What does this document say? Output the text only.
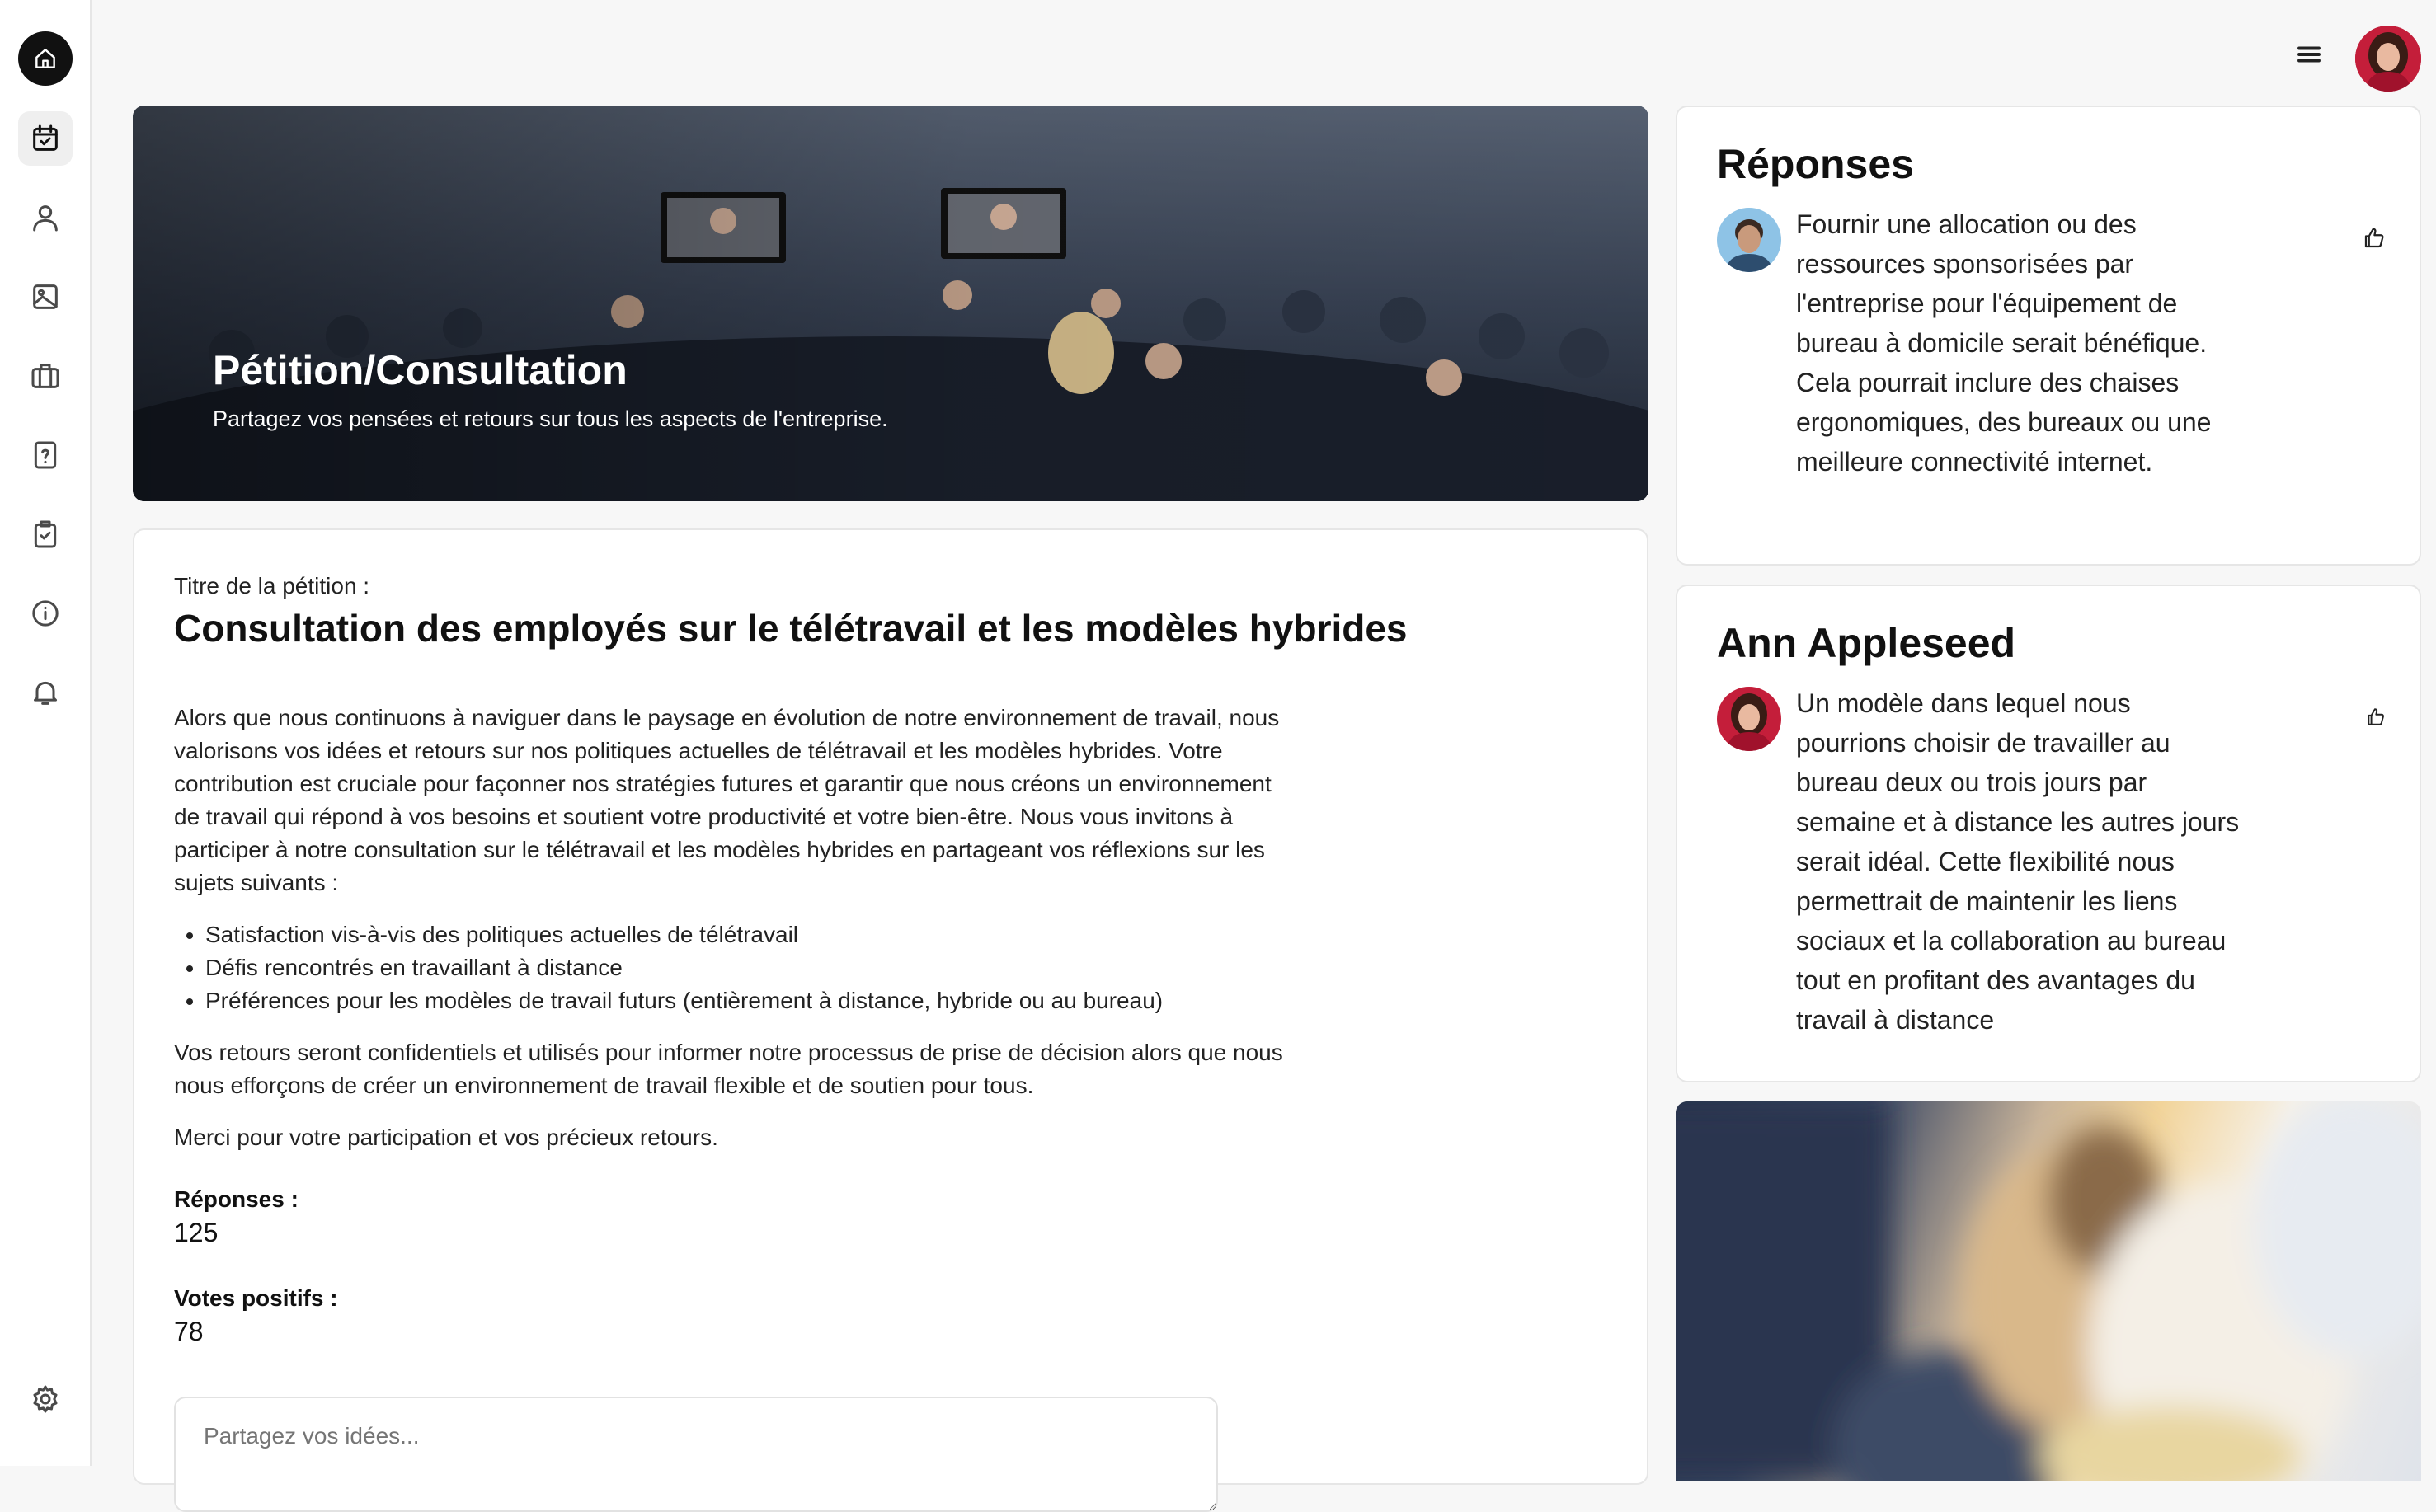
Pétition/Consultation
Partagez vos pensées et retours sur tous les aspects de l'entreprise.
Titre de la pétition :
Consultation des employés sur le télétravail et les modèles hybrides

Alors que nous continuons à naviguer dans le paysage en évolution de notre environnement de travail, nous valorisons vos idées et retours sur nos politiques actuelles de télétravail et les modèles hybrides. Votre contribution est cruciale pour façonner nos stratégies futures et garantir que nous créons un environnement de travail qui répond à vos besoins et soutient votre productivité et votre bien-être. Nous vous invitons à participer à notre consultation sur le télétravail et les modèles hybrides en partageant vos réflexions sur les sujets suivants :

• Satisfaction vis-à-vis des politiques actuelles de télétravail
• Défis rencontrés en travaillant à distance
• Préférences pour les modèles de travail futurs (entièrement à distance, hybride ou au bureau)

Vos retours seront confidentiels et utilisés pour informer notre processus de prise de décision alors que nous nous efforçons de créer un environnement de travail flexible et de soutien pour tous.

Merci pour votre participation et vos précieux retours.

Réponses :
125
Votes positifs :
78
Partagez vos idées...
Réponses
Fournir une allocation ou des ressources sponsorisées par l'entreprise pour l'équipement de bureau à domicile serait bénéfique. Cela pourrait inclure des chaises ergonomiques, des bureaux ou une meilleure connectivité internet.
Ann Appleseed
Un modèle dans lequel nous pourrions choisir de travailler au bureau deux ou trois jours par semaine et à distance les autres jours serait idéal. Cette flexibilité nous permettrait de maintenir les liens sociaux et la collaboration au bureau tout en profitant des avantages du travail à distance
